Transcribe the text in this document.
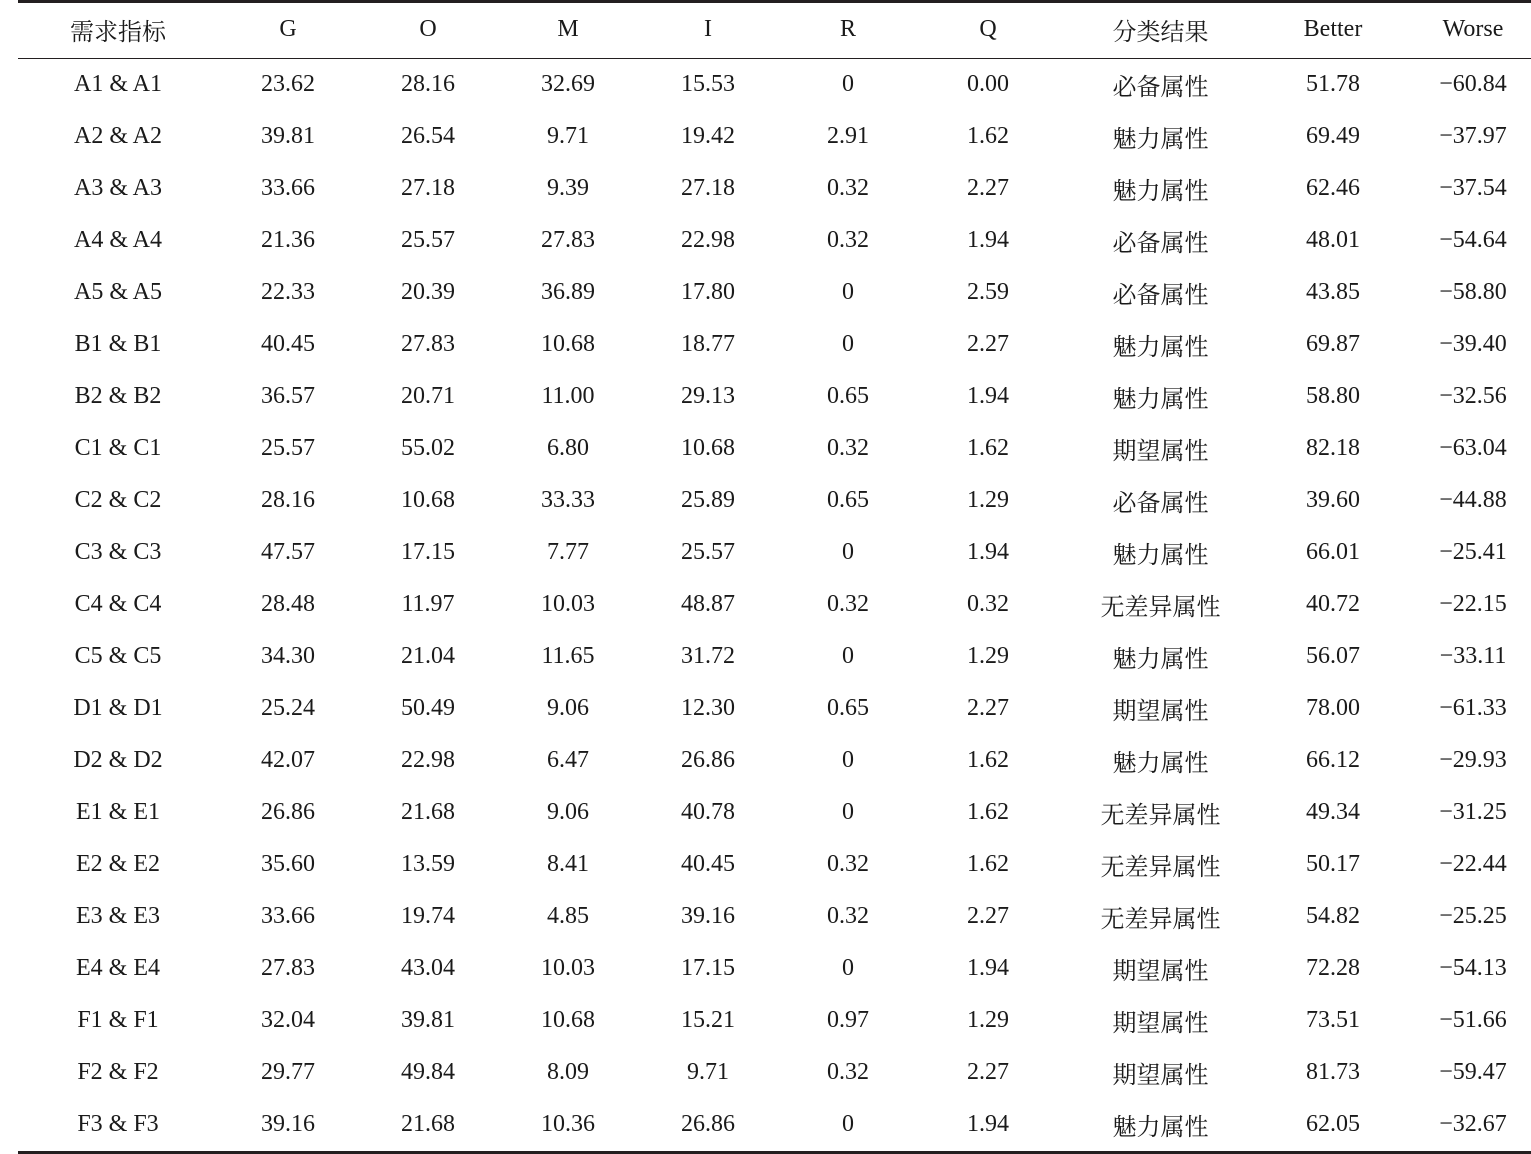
需求指标	G	O	M	I	R	Q	分类结果	Better	Worse
A1 & A1	23.62	28.16	32.69	15.53	0	0.00	必备属性	51.78	−60.84
A2 & A2	39.81	26.54	9.71	19.42	2.91	1.62	魅力属性	69.49	−37.97
A3 & A3	33.66	27.18	9.39	27.18	0.32	2.27	魅力属性	62.46	−37.54
A4 & A4	21.36	25.57	27.83	22.98	0.32	1.94	必备属性	48.01	−54.64
A5 & A5	22.33	20.39	36.89	17.80	0	2.59	必备属性	43.85	−58.80
B1 & B1	40.45	27.83	10.68	18.77	0	2.27	魅力属性	69.87	−39.40
B2 & B2	36.57	20.71	11.00	29.13	0.65	1.94	魅力属性	58.80	−32.56
C1 & C1	25.57	55.02	6.80	10.68	0.32	1.62	期望属性	82.18	−63.04
C2 & C2	28.16	10.68	33.33	25.89	0.65	1.29	必备属性	39.60	−44.88
C3 & C3	47.57	17.15	7.77	25.57	0	1.94	魅力属性	66.01	−25.41
C4 & C4	28.48	11.97	10.03	48.87	0.32	0.32	无差异属性	40.72	−22.15
C5 & C5	34.30	21.04	11.65	31.72	0	1.29	魅力属性	56.07	−33.11
D1 & D1	25.24	50.49	9.06	12.30	0.65	2.27	期望属性	78.00	−61.33
D2 & D2	42.07	22.98	6.47	26.86	0	1.62	魅力属性	66.12	−29.93
E1 & E1	26.86	21.68	9.06	40.78	0	1.62	无差异属性	49.34	−31.25
E2 & E2	35.60	13.59	8.41	40.45	0.32	1.62	无差异属性	50.17	−22.44
E3 & E3	33.66	19.74	4.85	39.16	0.32	2.27	无差异属性	54.82	−25.25
E4 & E4	27.83	43.04	10.03	17.15	0	1.94	期望属性	72.28	−54.13
F1 & F1	32.04	39.81	10.68	15.21	0.97	1.29	期望属性	73.51	−51.66
F2 & F2	29.77	49.84	8.09	9.71	0.32	2.27	期望属性	81.73	−59.47
F3 & F3	39.16	21.68	10.36	26.86	0	1.94	魅力属性	62.05	−32.67
